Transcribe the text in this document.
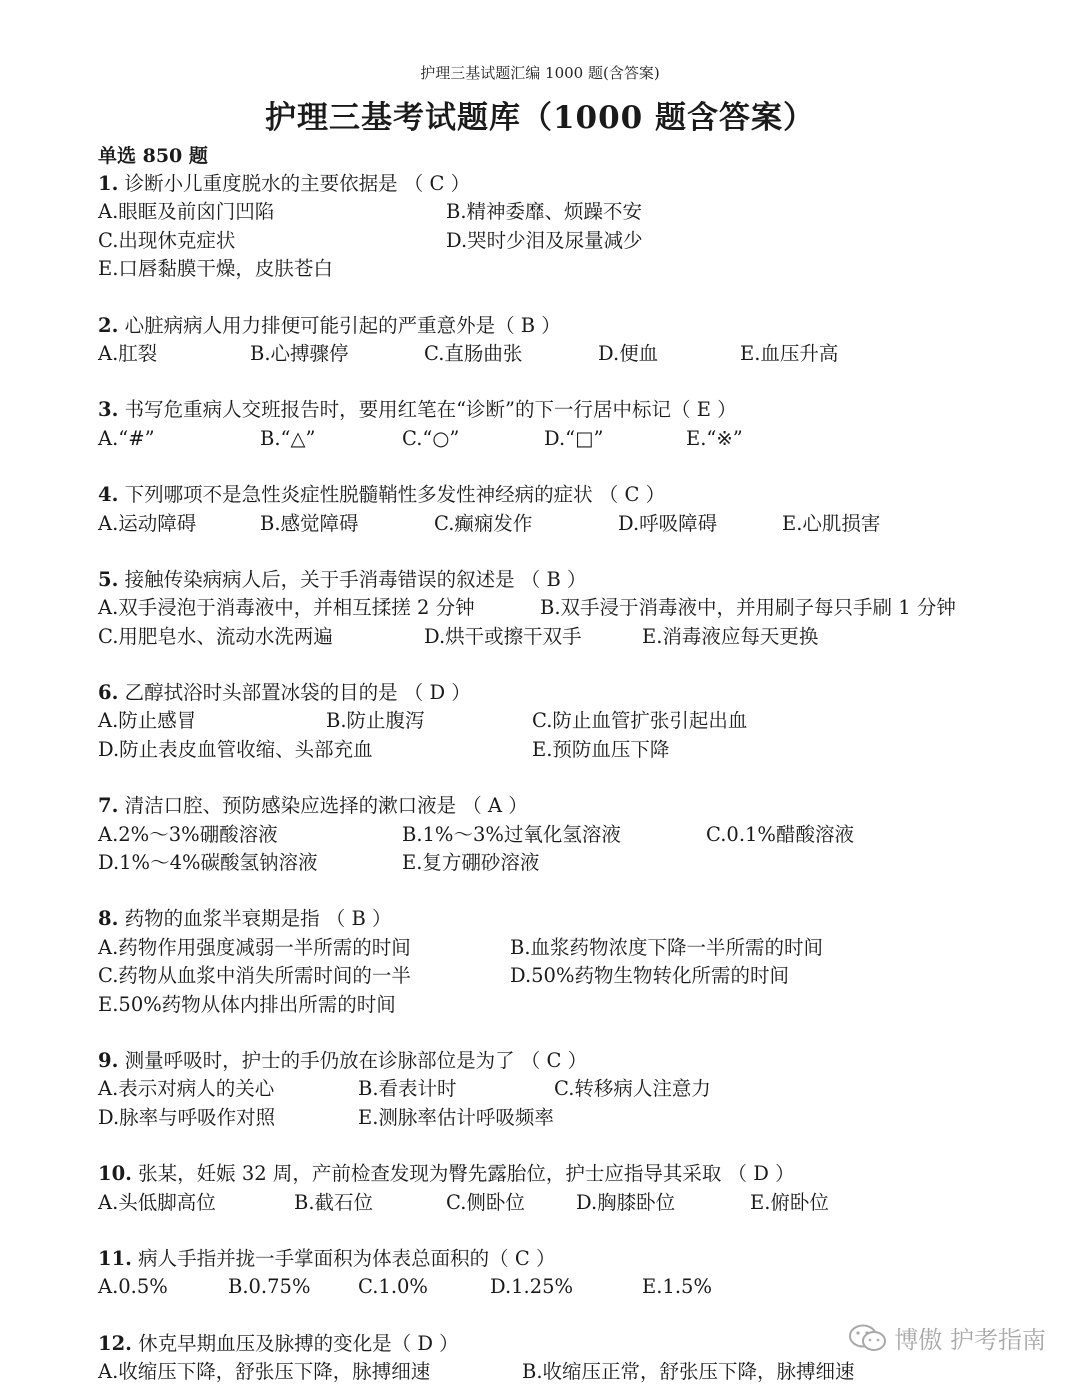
护理三基试题汇编 1000 题(含答案)
护理三基考试题库（1000 题含答案）
单选 850 题
1. 诊断小儿重度脱水的主要依据是 （ C ）
A.眼眶及前囟门凹陷	B.精神委靡、烦躁不安
C.出现休克症状	D.哭时少泪及尿量减少
E.口唇黏膜干燥，皮肤苍白
2. 心脏病病人用力排便可能引起的严重意外是（ B ）
A.肛裂	B.心搏骤停	C.直肠曲张	D.便血	E.血压升高
3. 书写危重病人交班报告时，要用红笔在“诊断”的下一行居中标记（ E ）
A.“#”	B.“△”	C.“○”	D.“□”	E.“※”
4. 下列哪项不是急性炎症性脱髓鞘性多发性神经病的症状 （ C ）
A.运动障碍	B.感觉障碍	C.癫痫发作	D.呼吸障碍	E.心肌损害
5. 接触传染病病人后，关于手消毒错误的叙述是 （ B ）
A.双手浸泡于消毒液中，并相互揉搓 2 分钟	B.双手浸于消毒液中，并用刷子每只手刷 1 分钟
C.用肥皂水、流动水洗两遍	D.烘干或擦干双手	E.消毒液应每天更换
6. 乙醇拭浴时头部置冰袋的目的是 （ D ）
A.防止感冒	B.防止腹泻	C.防止血管扩张引起出血
D.防止表皮血管收缩、头部充血	E.预防血压下降
7. 清洁口腔、预防感染应选择的漱口液是 （ A ）
A.2%～3%硼酸溶液	B.1%～3%过氧化氢溶液	C.0.1%醋酸溶液
D.1%～4%碳酸氢钠溶液	E.复方硼砂溶液
8. 药物的血浆半衰期是指 （ B ）
A.药物作用强度减弱一半所需的时间	B.血浆药物浓度下降一半所需的时间
C.药物从血浆中消失所需时间的一半	D.50%药物生物转化所需的时间
E.50%药物从体内排出所需的时间
9. 测量呼吸时，护士的手仍放在诊脉部位是为了 （ C ）
A.表示对病人的关心	B.看表计时	C.转移病人注意力
D.脉率与呼吸作对照	E.测脉率估计呼吸频率
10. 张某，妊娠 32 周，产前检查发现为臀先露胎位，护士应指导其采取 （ D ）
A.头低脚高位	B.截石位	C.侧卧位	D.胸膝卧位	E.俯卧位
11. 病人手指并拢一手掌面积为体表总面积的（ C ）
A.0.5%	B.0.75% C.1.0%	D.1.25%	E.1.5%
12. 休克早期血压及脉搏的变化是（ D ）
A.收缩压下降，舒张压下降，脉搏细速	B.收缩压正常，舒张压下降，脉搏细速
博傲 护考指南
